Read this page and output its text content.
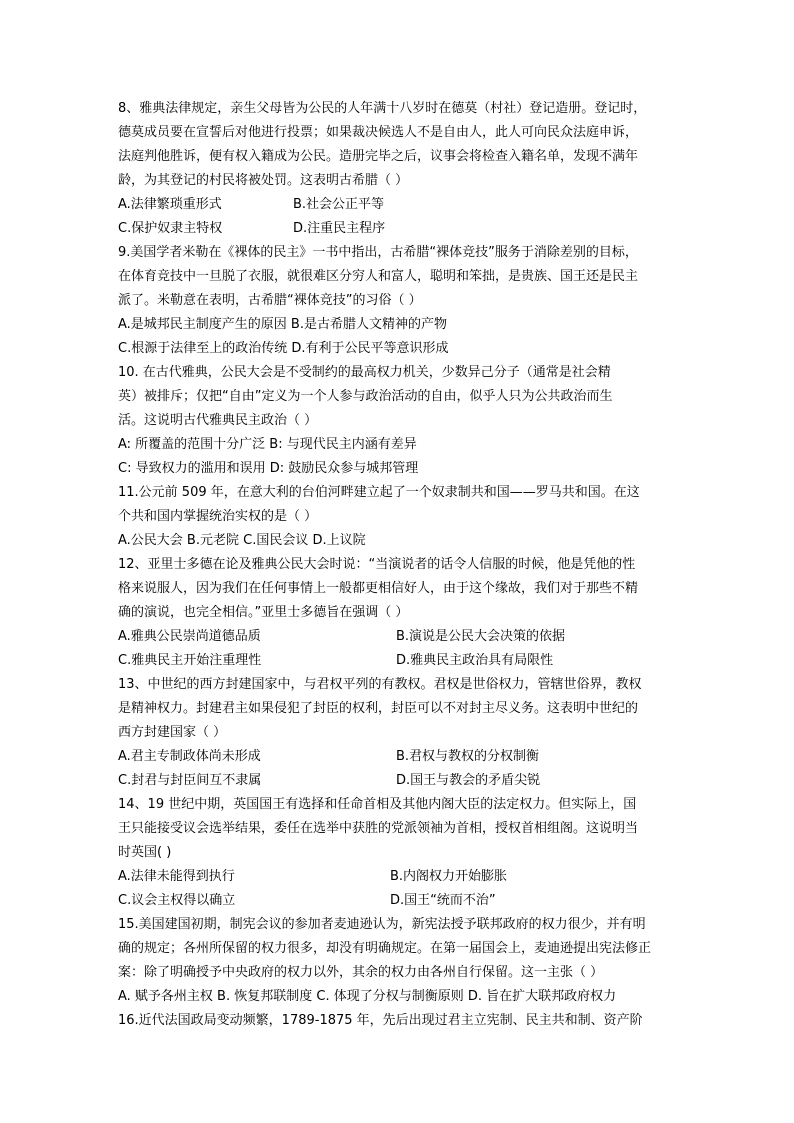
8、雅典法律规定，亲生父母皆为公民的人年满十八岁时在德莫（村社）登记造册。登记时，
德莫成员要在宣誓后对他进行投票；如果裁决候选人不是自由人，此人可向民众法庭申诉，
法庭判他胜诉，便有权入籍成为公民。造册完毕之后，议事会将检查入籍名单，发现不满年
龄，为其登记的村民将被处罚。这表明古希腊（ ）
A.法律繁琐重形式	B.社会公正平等
C.保护奴隶主特权	D.注重民主程序
9.美国学者米勒在《裸体的民主》一书中指出，古希腊“裸体竞技”服务于消除差别的目标，
在体育竞技中一旦脱了衣服，就很难区分穷人和富人，聪明和笨拙，是贵族、国王还是民主
派了。米勒意在表明，古希腊“裸体竞技”的习俗（ ）
A.是城邦民主制度产生的原因 B.是古希腊人文精神的产物
C.根源于法律至上的政治传统 D.有利于公民平等意识形成
10. 在古代雅典，公民大会是不受制约的最高权力机关，少数异己分子（通常是社会精
英）被排斥；仅把“自由”定义为一个人参与政治活动的自由，似乎人只为公共政治而生
活。这说明古代雅典民主政治（ ）
A: 所覆盖的范围十分广泛 B: 与现代民主内涵有差异
C: 导致权力的滥用和误用 D: 鼓励民众参与城邦管理
11.公元前 509 年，在意大利的台伯河畔建立起了一个奴隶制共和国——罗马共和国。在这
个共和国内掌握统治实权的是（ ）
A.公民大会 B.元老院 C.国民会议 D.上议院
12、亚里士多德在论及雅典公民大会时说：“当演说者的话令人信服的时候，他是凭他的性
格来说服人，因为我们在任何事情上一般都更相信好人，由于这个缘故，我们对于那些不精
确的演说，也完全相信。”亚里士多德旨在强调（ ）
A.雅典公民崇尚道德品质	B.演说是公民大会决策的依据
C.雅典民主开始注重理性	D.雅典民主政治具有局限性
13、中世纪的西方封建国家中，与君权平列的有教权。君权是世俗权力，管辖世俗界，教权
是精神权力。封建君主如果侵犯了封臣的权利，封臣可以不对封主尽义务。这表明中世纪的
西方封建国家（ ）
A.君主专制政体尚未形成	B.君权与教权的分权制衡
C.封君与封臣间互不隶属	D.国王与教会的矛盾尖锐
14、19 世纪中期，英国国王有选择和任命首相及其他内阁大臣的法定权力。但实际上，国
王只能接受议会选举结果，委任在选举中获胜的党派领袖为首相，授权首相组阁。这说明当
时英国( )
A.法律未能得到执行	B.内阁权力开始膨胀
C.议会主权得以确立	D.国王“统而不治”
15.美国建国初期，制宪会议的参加者麦迪逊认为，新宪法授予联邦政府的权力很少，并有明
确的规定；各州所保留的权力很多，却没有明确规定。在第一届国会上，麦迪逊提出宪法修正
案：除了明确授予中央政府的权力以外，其余的权力由各州自行保留。这一主张（ ）
A. 赋予各州主权 B. 恢复邦联制度 C. 体现了分权与制衡原则 D. 旨在扩大联邦政府权力
16.近代法国政局变动频繁，1789-1875 年，先后出现过君主立宪制、民主共和制、资产阶
